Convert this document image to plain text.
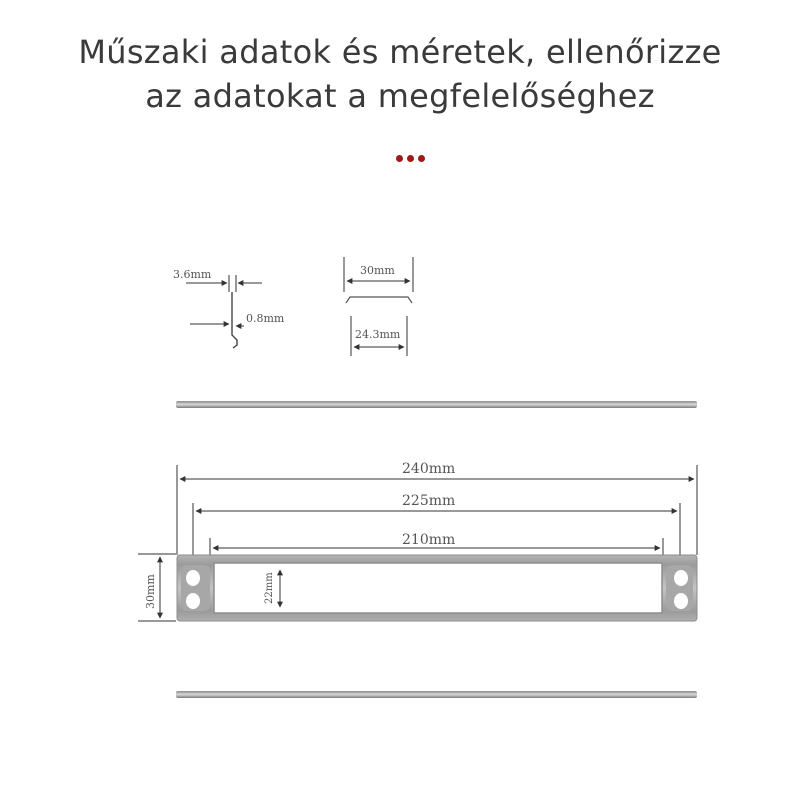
Műszaki adatok és méretek, ellenőrizze
az adatokat a megfelelőséghez
3.6mm
0.8mm
30mm
24.3mm
240mm
225mm
210mm
30mm	22mm
